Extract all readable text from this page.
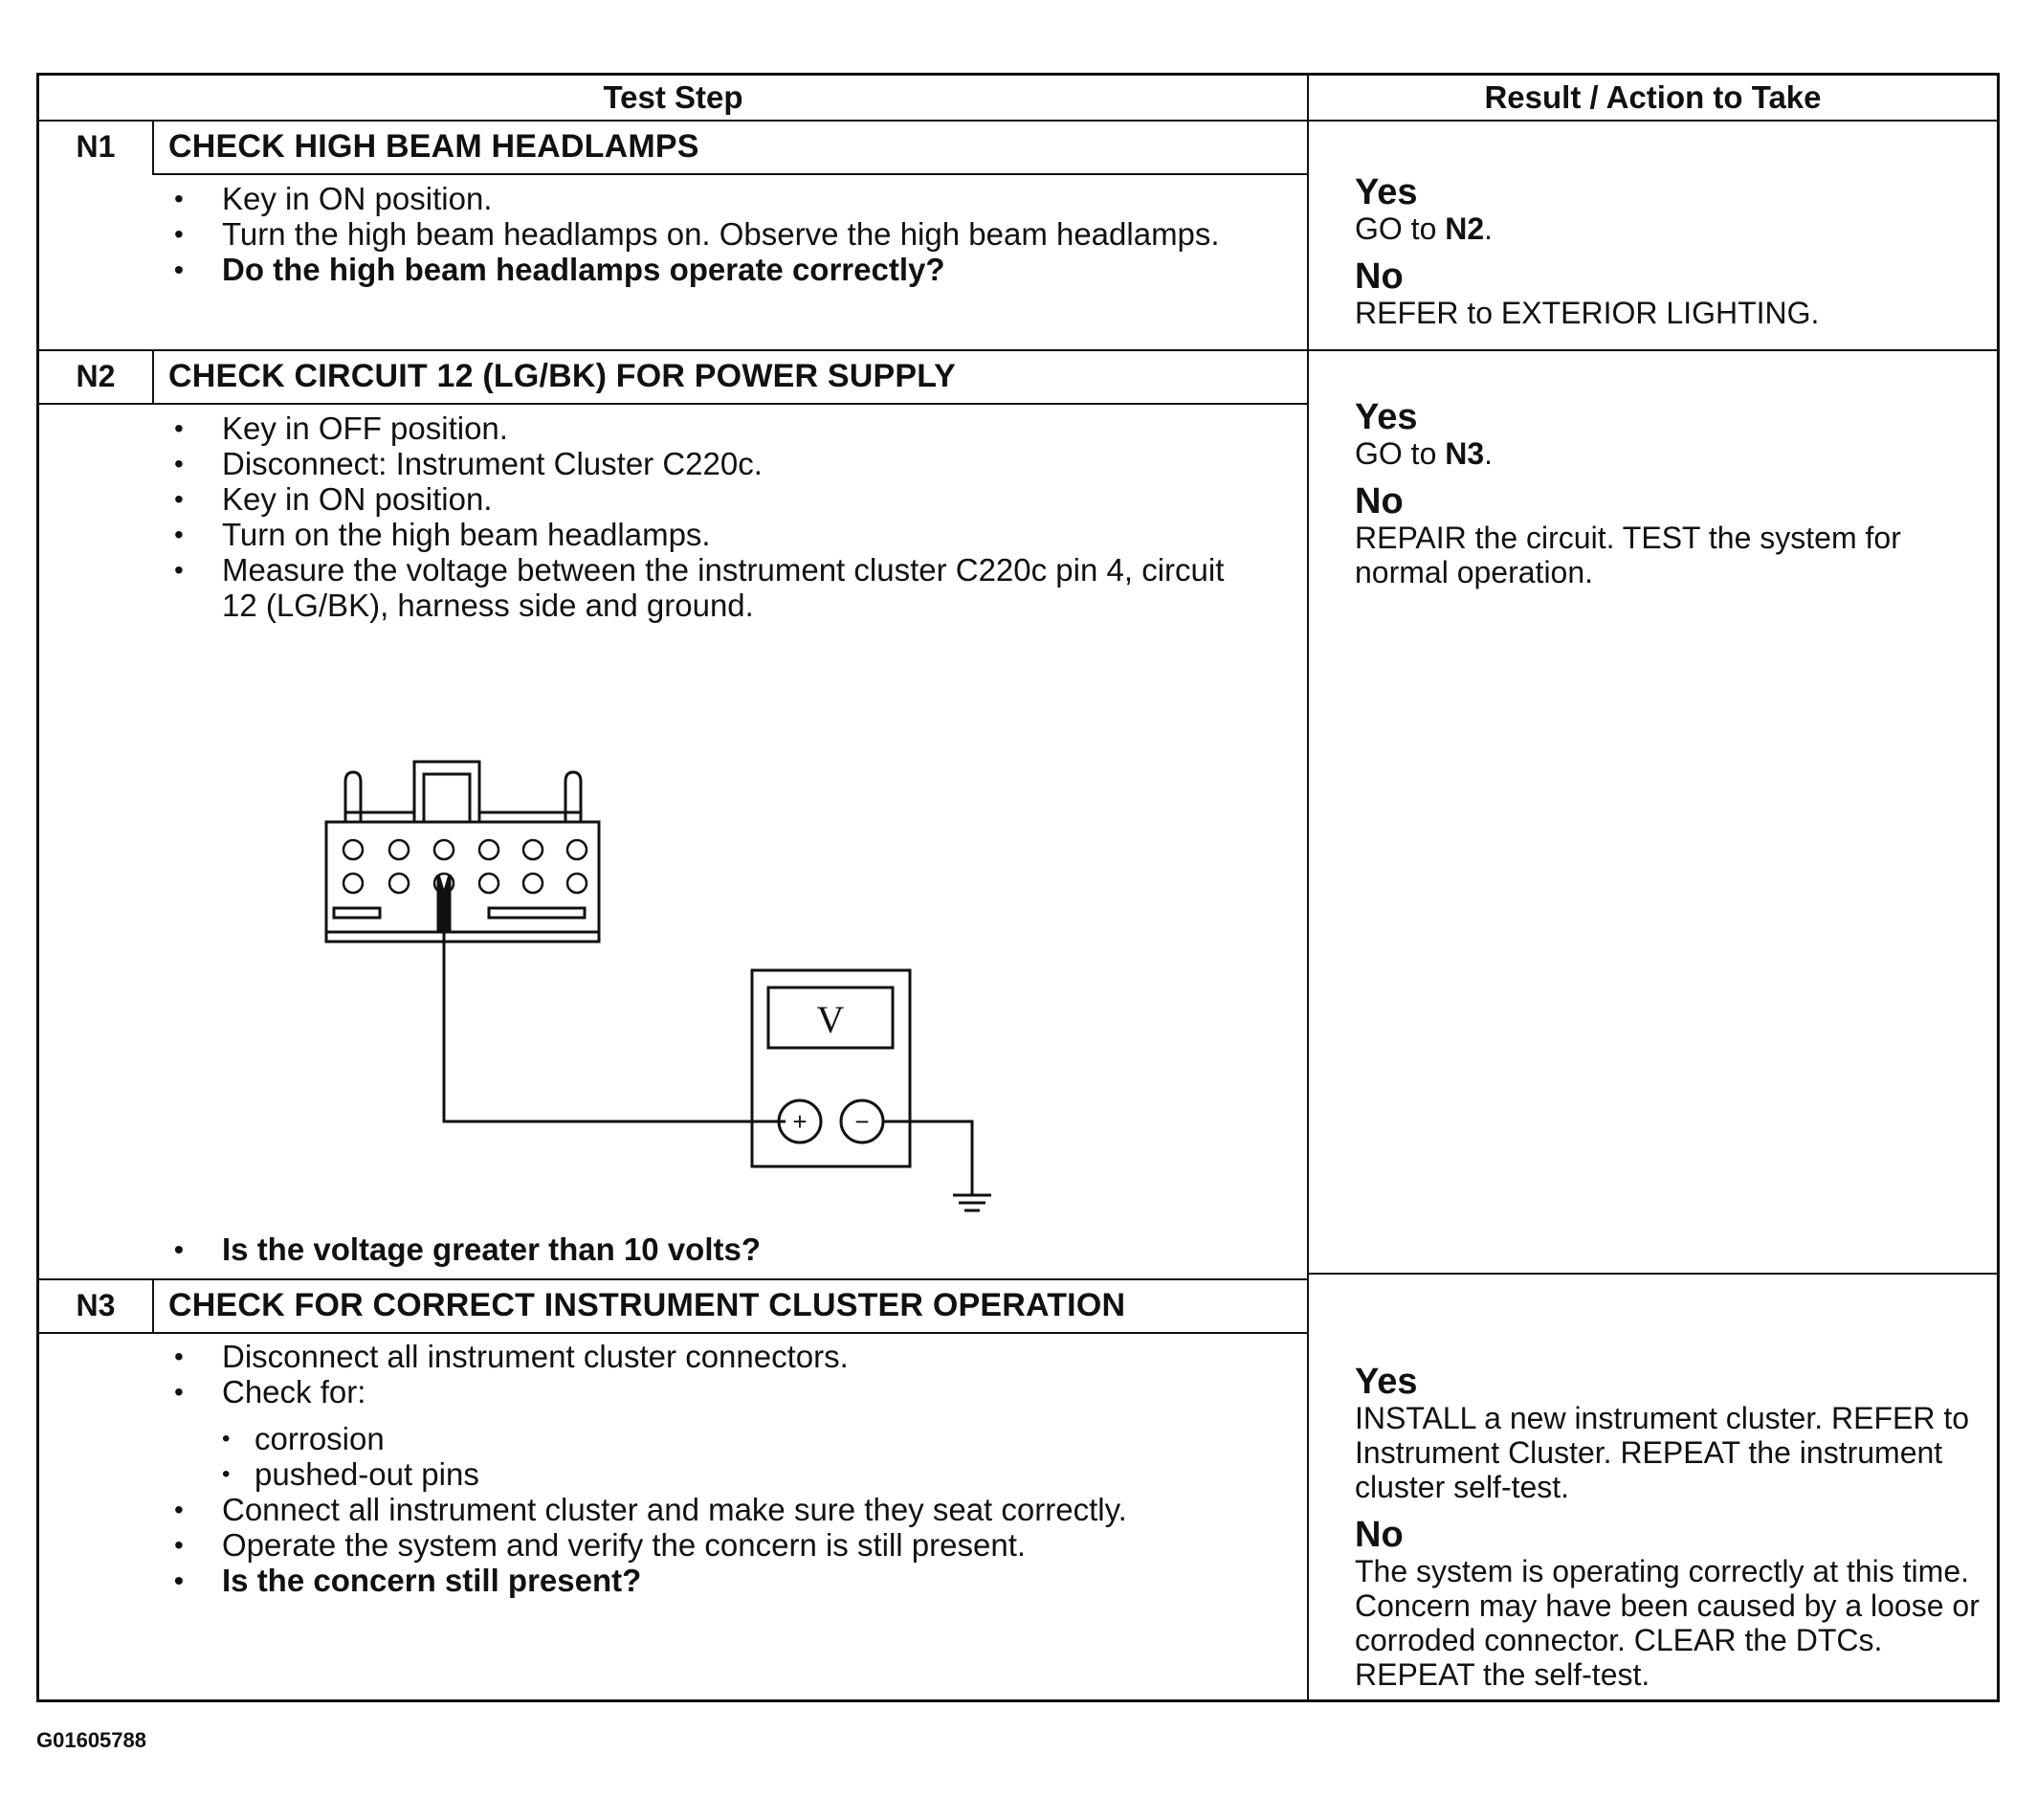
Test Step	Result / Action to Take
N1	CHECK HIGH BEAM HEADLAMPS
• Key in ON position.
• Turn the high beam headlamps on. Observe the high beam headlamps.
• Do the high beam headlamps operate correctly?
Yes
GO to N2.
No
REFER to EXTERIOR LIGHTING.
N2	CHECK CIRCUIT 12 (LG/BK) FOR POWER SUPPLY
• Key in OFF position.
• Disconnect: Instrument Cluster C220c.
• Key in ON position.
• Turn on the high beam headlamps.
• Measure the voltage between the instrument cluster C220c pin 4, circuit 12 (LG/BK), harness side and ground.
V
+ −
• Is the voltage greater than 10 volts?
Yes
GO to N3.
No
REPAIR the circuit. TEST the system for normal operation.
N3	CHECK FOR CORRECT INSTRUMENT CLUSTER OPERATION
• Disconnect all instrument cluster connectors.
• Check for:
• corrosion
• pushed-out pins
• Connect all instrument cluster and make sure they seat correctly.
• Operate the system and verify the concern is still present.
• Is the concern still present?
Yes
INSTALL a new instrument cluster. REFER to Instrument Cluster. REPEAT the instrument cluster self-test.
No
The system is operating correctly at this time. Concern may have been caused by a loose or corroded connector. CLEAR the DTCs. REPEAT the self-test.
G01605788
